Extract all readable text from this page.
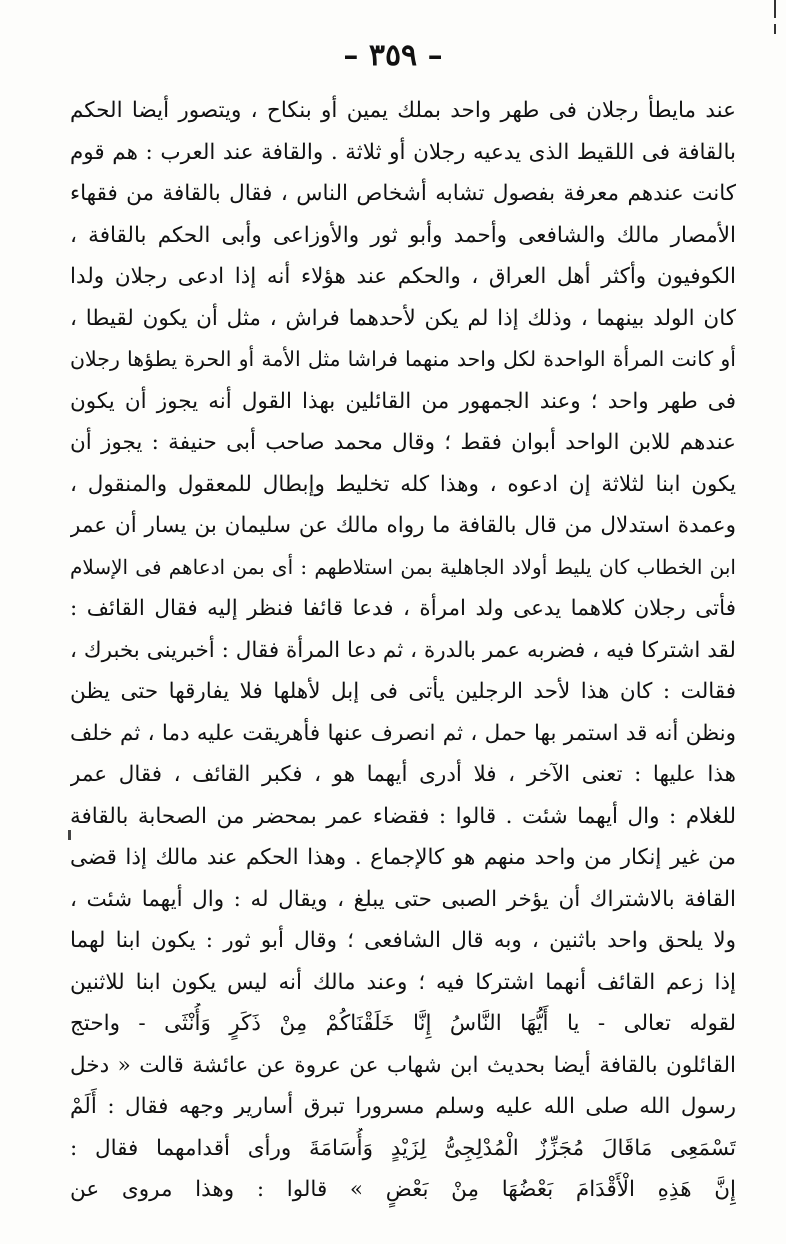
– ٣٥٩ –
عند مايطأ رجلان فى طهر واحد بملك يمين أو بنكاح ، ويتصور أيضا الحكم
بالقافة فى اللقيط الذى يدعيه رجلان أو ثلاثة . والقافة عند العرب : هم قوم
كانت عندهم معرفة بفصول تشابه أشخاص الناس ، فقال بالقافة من فقهاء
الأمصار مالك والشافعى وأحمد وأبو ثور والأوزاعى وأبى الحكم بالقافة ،
الكوفيون وأكثر أهل العراق ، والحكم عند هؤلاء أنه إذا ادعى رجلان ولدا
كان الولد بينهما ، وذلك إذا لم يكن لأحدهما فراش ، مثل أن يكون لقيطا ،
أو كانت المرأة الواحدة لكل واحد منهما فراشا مثل الأمة أو الحرة يطؤها رجلان
فى طهر واحد ؛ وعند الجمهور من القائلين بهذا القول أنه يجوز أن يكون
عندهم للابن الواحد أبوان فقط ؛ وقال محمد صاحب أبى حنيفة : يجوز أن
يكون ابنا لثلاثة إن ادعوه ، وهذا كله تخليط وإبطال للمعقول والمنقول ،
وعمدة استدلال من قال بالقافة ما رواه مالك عن سليمان بن يسار أن عمر
ابن الخطاب كان يليط أولاد الجاهلية بمن استلاطهم : أى بمن ادعاهم فى الإسلام
فأتى رجلان كلاهما يدعى ولد امرأة ، فدعا قائفا فنظر إليه فقال القائف :
لقد اشتركا فيه ، فضربه عمر بالدرة ، ثم دعا المرأة فقال : أخبرينى بخبرك ،
فقالت : كان هذا لأحد الرجلين يأتى فى إبل لأهلها فلا يفارقها حتى يظن
ونظن أنه قد استمر بها حمل ، ثم انصرف عنها فأهريقت عليه دما ، ثم خلف
هذا عليها : تعنى الآخر ، فلا أدرى أيهما هو ، فكبر القائف ، فقال عمر
للغلام : وال أيهما شئت . قالوا : فقضاء عمر بمحضر من الصحابة بالقافة
من غير إنكار من واحد منهم هو كالإجماع . وهذا الحكم عند مالك إذا قضى
القافة بالاشتراك أن يؤخر الصبى حتى يبلغ ، ويقال له : وال أيهما شئت ،
ولا يلحق واحد باثنين ، وبه قال الشافعى ؛ وقال أبو ثور : يكون ابنا لهما
إذا زعم القائف أنهما اشتركا فيه ؛ وعند مالك أنه ليس يكون ابنا للاثنين
لقوله تعالى - يا أَيُّهَا النَّاسُ إِنَّا خَلَقْنَاكُمْ مِنْ ذَكَرٍ وَأُنْثَى - واحتج
القائلون بالقافة أيضا بحديث ابن شهاب عن عروة عن عائشة قالت « دخل
رسول الله صلى الله عليه وسلم مسرورا تبرق أسارير وجهه فقال : أَلَمْ
تَسْمَعِى مَاقَالَ مُجَزِّزٌ الْمُدْلِجِىُّ لِزَيْدٍ وَأُسَامَةَ ورأى أقدامهما فقال :
إِنَّ هَذِهِ الْأَقْدَامَ بَعْضُهَا مِنْ بَعْضٍ » قالوا : وهذا مروى عن
